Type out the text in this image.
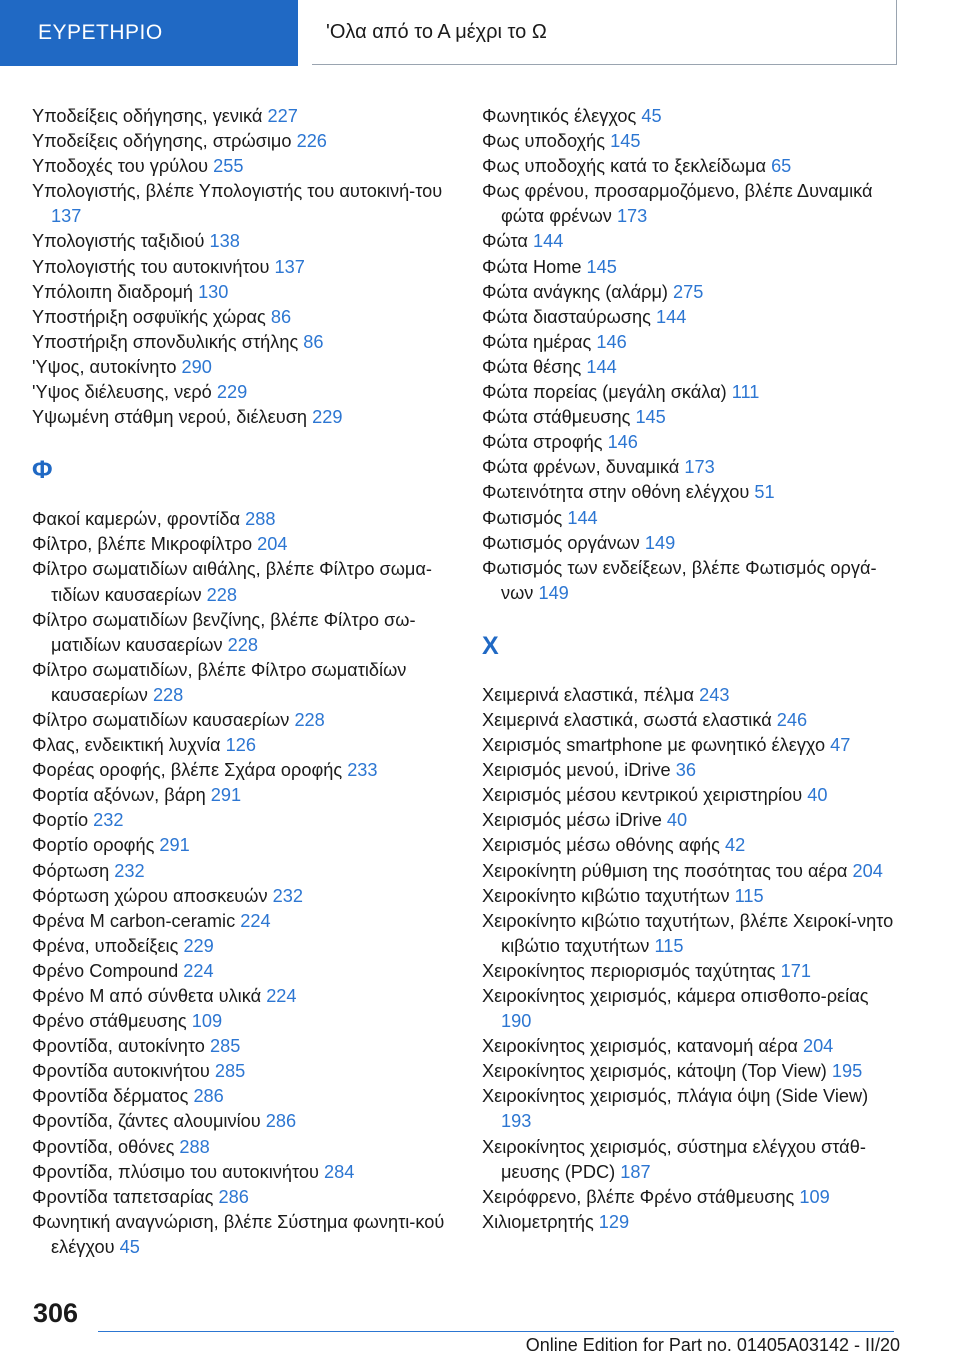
ΕΥΡΕΤΗΡΙΟ	'Ολα από το Α μέχρι το Ω
Υποδείξεις οδήγησης, γενικά 227
Υποδείξεις οδήγησης, στρώσιμο 226
Υποδοχές του γρύλου 255
Υπολογιστής, βλέπε Υπολογιστής του αυτοκινή-του 137
Υπολογιστής ταξιδιού 138
Υπολογιστής του αυτοκινήτου 137
Υπόλοιπη διαδρομή 130
Υποστήριξη οσφυϊκής χώρας 86
Υποστήριξη σπονδυλικής στήλης 86
'Υψος, αυτοκίνητο 290
'Υψος διέλευσης, νερό 229
Υψωμένη στάθμη νερού, διέλευση 229
Φ
Φακοί καμερών, φροντίδα 288
Φίλτρο, βλέπε Μικροφίλτρο 204
Φίλτρο σωματιδίων αιθάλης, βλέπε Φίλτρο σωμα-τιδίων καυσαερίων 228
Φίλτρο σωματιδίων βενζίνης, βλέπε Φίλτρο σω-ματιδίων καυσαερίων 228
Φίλτρο σωματιδίων, βλέπε Φίλτρο σωματιδίων καυσαερίων 228
Φίλτρο σωματιδίων καυσαερίων 228
Φλας, ενδεικτική λυχνία 126
Φορέας οροφής, βλέπε Σχάρα οροφής 233
Φορτία αξόνων, βάρη 291
Φορτίο 232
Φορτίο οροφής 291
Φόρτωση 232
Φόρτωση χώρου αποσκευών 232
Φρένα M carbon-ceramic 224
Φρένα, υποδείξεις 229
Φρένο Compound 224
Φρένο M από σύνθετα υλικά 224
Φρένο στάθμευσης 109
Φροντίδα, αυτοκίνητο 285
Φροντίδα αυτοκινήτου 285
Φροντίδα δέρματος 286
Φροντίδα, ζάντες αλουμινίου 286
Φροντίδα, οθόνες 288
Φροντίδα, πλύσιμο του αυτοκινήτου 284
Φροντίδα ταπετσαρίας 286
Φωνητική αναγνώριση, βλέπε Σύστημα φωνητι-κού ελέγχου 45
Φωνητικός έλεγχος 45
Φως υποδοχής 145
Φως υποδοχής κατά το ξεκλείδωμα 65
Φως φρένου, προσαρμοζόμενο, βλέπε Δυναμικά φώτα φρένων 173
Φώτα 144
Φώτα Home 145
Φώτα ανάγκης (αλάρμ) 275
Φώτα διασταύρωσης 144
Φώτα ημέρας 146
Φώτα θέσης 144
Φώτα πορείας (μεγάλη σκάλα) 111
Φώτα στάθμευσης 145
Φώτα στροφής 146
Φώτα φρένων, δυναμικά 173
Φωτεινότητα στην οθόνη ελέγχου 51
Φωτισμός 144
Φωτισμός οργάνων 149
Φωτισμός των ενδείξεων, βλέπε Φωτισμός οργά-νων 149
Χ
Χειμερινά ελαστικά, πέλμα 243
Χειμερινά ελαστικά, σωστά ελαστικά 246
Χειρισμός smartphone με φωνητικό έλεγχο 47
Χειρισμός μενού, iDrive 36
Χειρισμός μέσου κεντρικού χειριστηρίου 40
Χειρισμός μέσω iDrive 40
Χειρισμός μέσω οθόνης αφής 42
Χειροκίνητη ρύθμιση της ποσότητας του αέρα 204
Χειροκίνητο κιβώτιο ταχυτήτων 115
Χειροκίνητο κιβώτιο ταχυτήτων, βλέπε Χειροκί-νητο κιβώτιο ταχυτήτων 115
Χειροκίνητος περιορισμός ταχύτητας 171
Χειροκίνητος χειρισμός, κάμερα οπισθοπο-ρείας 190
Χειροκίνητος χειρισμός, κατανομή αέρα 204
Χειροκίνητος χειρισμός, κάτοψη (Top View) 195
Χειροκίνητος χειρισμός, πλάγια όψη (Side View) 193
Χειροκίνητος χειρισμός, σύστημα ελέγχου στάθ-μευσης (PDC) 187
Χειρόφρενο, βλέπε Φρένο στάθμευσης 109
Χιλιομετρητής 129
306
Online Edition for Part no. 01405A03142 - II/20
